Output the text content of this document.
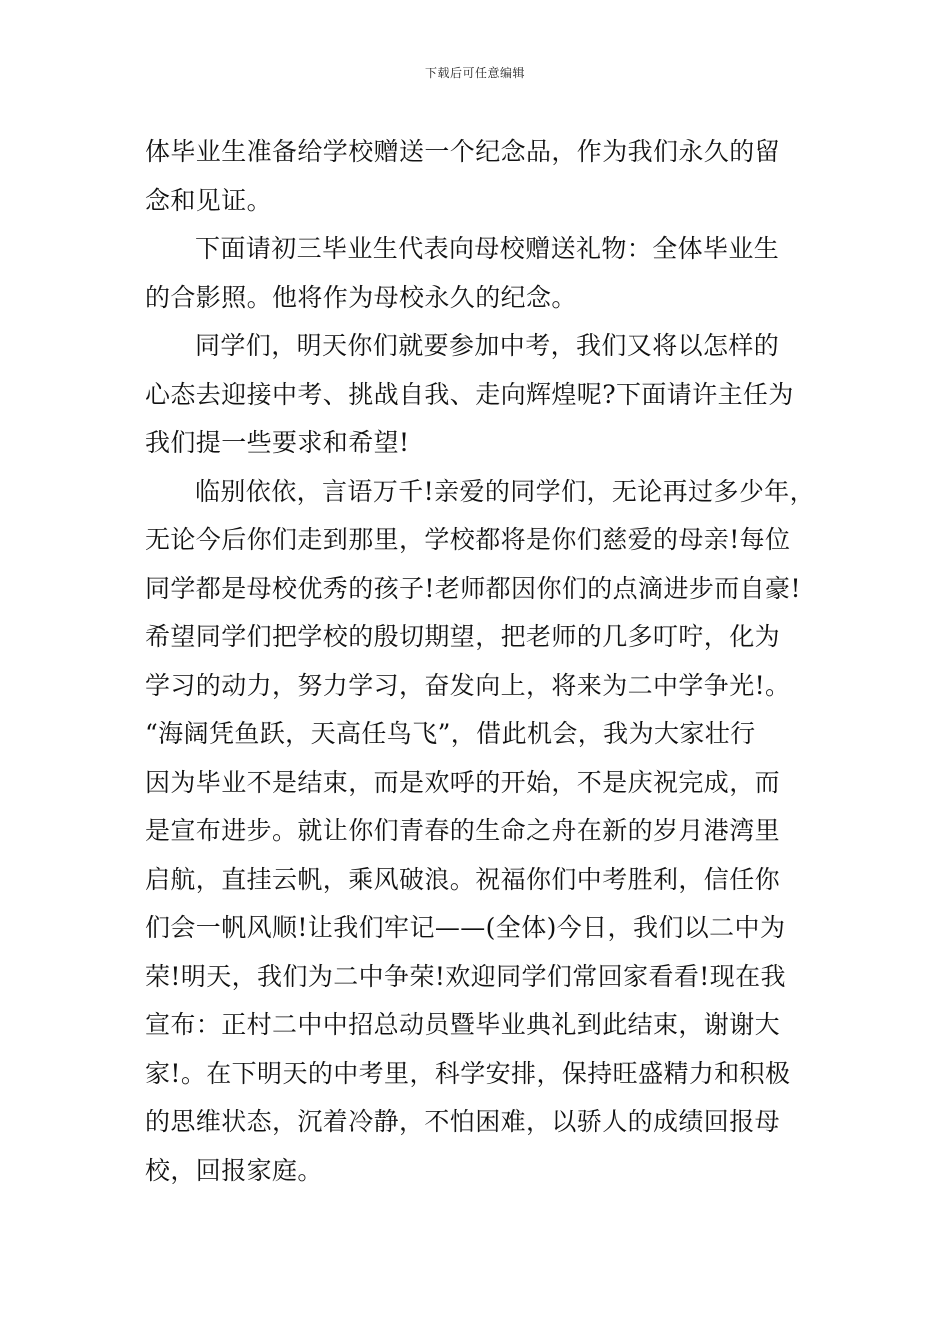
下载后可任意编辑
体毕业生准备给学校赠送一个纪念品，作为我们永久的留
念和见证。
下面请初三毕业生代表向母校赠送礼物：全体毕业生
的合影照。他将作为母校永久的纪念。
同学们，明天你们就要参加中考，我们又将以怎样的
心态去迎接中考、挑战自我、走向辉煌呢?下面请许主任为
我们提一些要求和希望!
临别依依，言语万千!亲爱的同学们，无论再过多少年，
无论今后你们走到那里，学校都将是你们慈爱的母亲!每位
同学都是母校优秀的孩子!老师都因你们的点滴进步而自豪!
希望同学们把学校的殷切期望，把老师的几多叮咛，化为
学习的动力，努力学习，奋发向上，将来为二中学争光!。
“海阔凭鱼跃，天高任鸟飞”，借此机会，我为大家壮行
因为毕业不是结束，而是欢呼的开始，不是庆祝完成，而
是宣布进步。就让你们青春的生命之舟在新的岁月港湾里
启航，直挂云帆，乘风破浪。祝福你们中考胜利，信任你
们会一帆风顺!让我们牢记——(全体)今日，我们以二中为
荣!明天，我们为二中争荣!欢迎同学们常回家看看!现在我
宣布：正村二中中招总动员暨毕业典礼到此结束，谢谢大
家!。在下明天的中考里，科学安排，保持旺盛精力和积极
的思维状态，沉着冷静，不怕困难，以骄人的成绩回报母
校，回报家庭。
